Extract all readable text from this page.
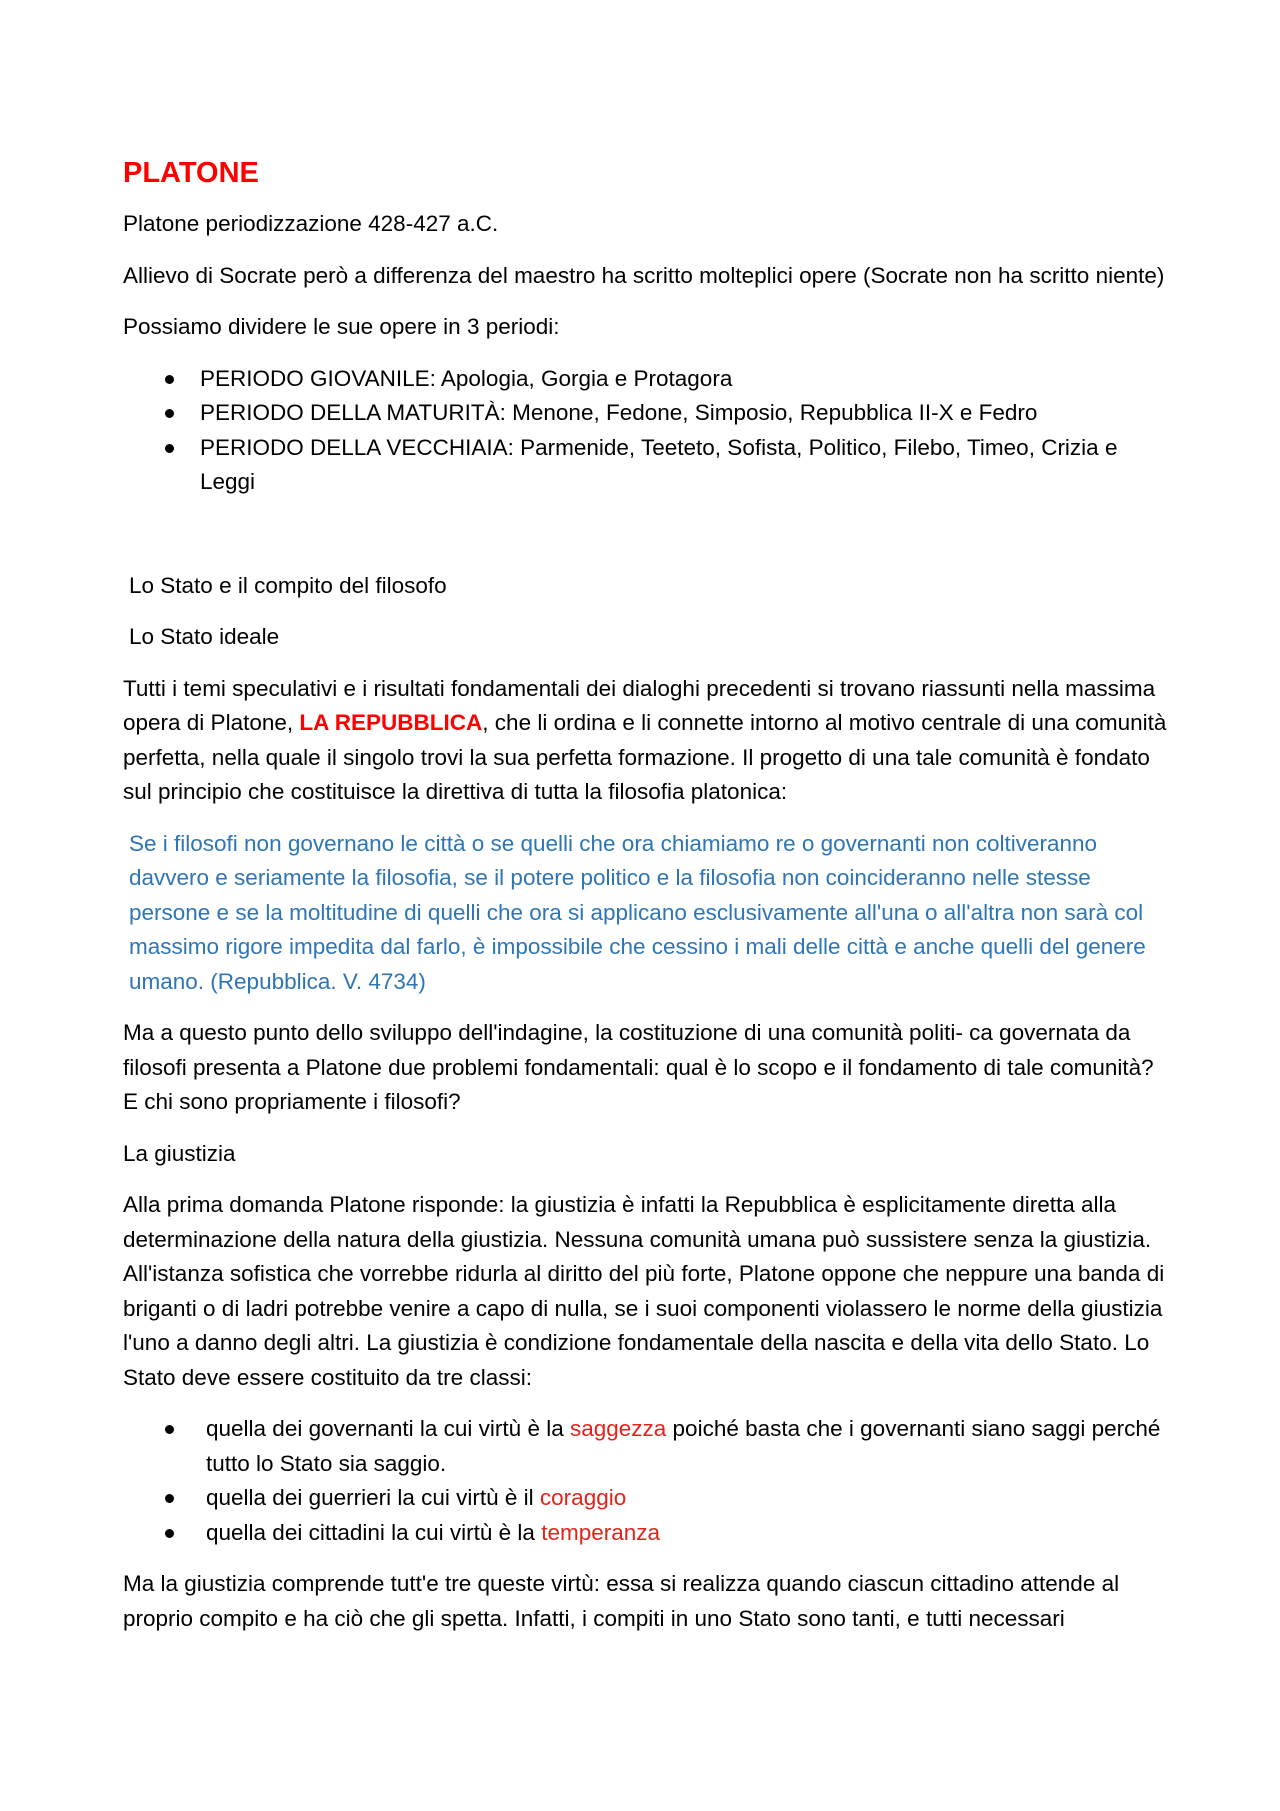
PLATONE

Platone periodizzazione 428-427 a.C.

Allievo di Socrate però a differenza del maestro ha scritto molteplici opere (Socrate non ha scritto niente)

Possiamo dividere le sue opere in 3 periodi:

PERIODO GIOVANILE: Apologia, Gorgia e Protagora
PERIODO DELLA MATURITÀ: Menone, Fedone, Simposio, Repubblica II-X e Fedro
PERIODO DELLA VECCHIAIA: Parmenide, Teeteto, Sofista, Politico, Filebo, Timeo, Crizia e Leggi

Lo Stato e il compito del filosofo

Lo Stato ideale

Tutti i temi speculativi e i risultati fondamentali dei dialoghi precedenti si trovano riassunti nella massima opera di Platone, LA REPUBBLICA, che li ordina e li connette intorno al motivo centrale di una comunità perfetta, nella quale il singolo trovi la sua perfetta formazione. Il progetto di una tale comunità è fondato sul principio che costituisce la direttiva di tutta la filosofia platonica:

Se i filosofi non governano le città o se quelli che ora chiamiamo re o governanti non coltiveranno davvero e seriamente la filosofia, se il potere politico e la filosofia non coincideranno nelle stesse persone e se la moltitudine di quelli che ora si applicano esclusivamente all'una o all'altra non sarà col massimo rigore impedita dal farlo, è impossibile che cessino i mali delle città e anche quelli del genere umano. (Repubblica. V. 4734)

Ma a questo punto dello sviluppo dell'indagine, la costituzione di una comunità politi- ca governata da filosofi presenta a Platone due problemi fondamentali: qual è lo scopo e il fondamento di tale comunità? E chi sono propriamente i filosofi?

La giustizia

Alla prima domanda Platone risponde: la giustizia è infatti la Repubblica è esplicitamente diretta alla determinazione della natura della giustizia. Nessuna comunità umana può sussistere senza la giustizia. All'istanza sofistica che vorrebbe ridurla al diritto del più forte, Platone oppone che neppure una banda di briganti o di ladri potrebbe venire a capo di nulla, se i suoi componenti violassero le norme della giustizia l'uno a danno degli altri. La giustizia è condizione fondamentale della nascita e della vita dello Stato. Lo Stato deve essere costituito da tre classi:

quella dei governanti la cui virtù è la saggezza poiché basta che i governanti siano saggi perché tutto lo Stato sia saggio.
quella dei guerrieri la cui virtù è il coraggio
quella dei cittadini la cui virtù è la temperanza

Ma la giustizia comprende tutt'e tre queste virtù: essa si realizza quando ciascun cittadino attende al proprio compito e ha ciò che gli spetta. Infatti, i compiti in uno Stato sono tanti, e tutti necessari
